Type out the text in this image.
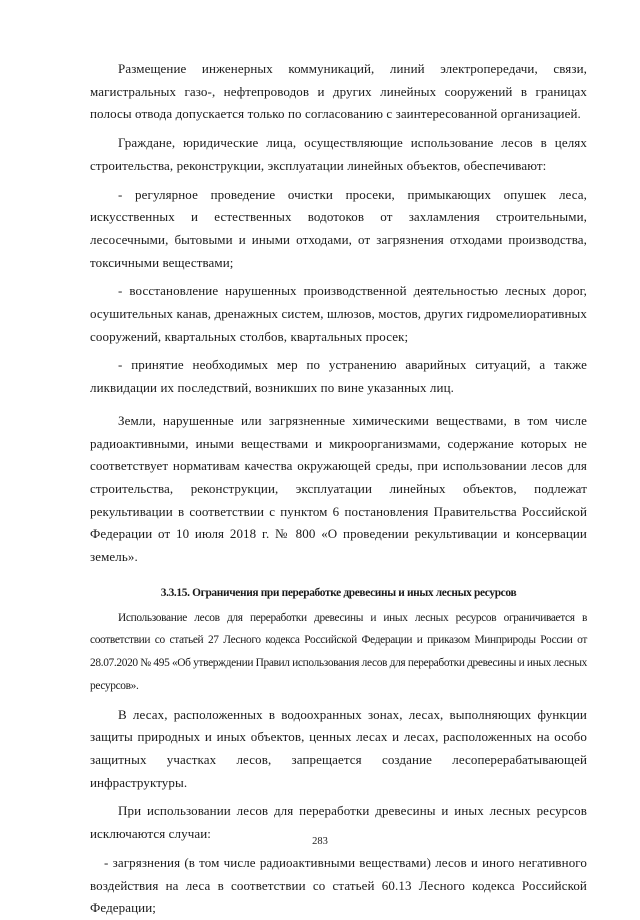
Размещение инженерных коммуникаций, линий электропередачи, связи, магистральных газо-, нефтепроводов и других линейных сооружений в границах полосы отвода допускается только по согласованию с заинтересованной организацией.

Граждане, юридические лица, осуществляющие использование лесов в целях строительства, реконструкции, эксплуатации линейных объектов, обеспечивают:

- регулярное проведение очистки просеки, примыкающих опушек леса, искусственных и естественных водотоков от захламления строительными, лесосечными, бытовыми и иными отходами, от загрязнения отходами производства, токсичными веществами;

- восстановление нарушенных производственной деятельностью лесных дорог, осушительных канав, дренажных систем, шлюзов, мостов, других гидромелиоративных сооружений, квартальных столбов, квартальных просек;

- принятие необходимых мер по устранению аварийных ситуаций, а также ликвидации их последствий, возникших по вине указанных лиц.

Земли, нарушенные или загрязненные химическими веществами, в том числе радиоактивными, иными веществами и микроорганизмами, содержание которых не соответствует нормативам качества окружающей среды, при использовании лесов для строительства, реконструкции, эксплуатации линейных объектов, подлежат рекультивации в соответствии с пунктом 6 постановления Правительства Российской Федерации от 10 июля 2018 г. № 800 «О проведении рекультивации и консервации земель».

3.3.15. Ограничения при переработке древесины и иных лесных ресурсов

Использование лесов для переработки древесины и иных лесных ресурсов ограничивается в соответствии со статьей 27 Лесного кодекса Российской Федерации и приказом Минприроды России от 28.07.2020 № 495 «Об утверждении Правил использования лесов для переработки древесины и иных лесных ресурсов».

В лесах, расположенных в водоохранных зонах, лесах, выполняющих функции защиты природных и иных объектов, ценных лесах и лесах, расположенных на особо защитных участках лесов, запрещается создание лесоперерабатывающей инфраструктуры.

При использовании лесов для переработки древесины и иных лесных ресурсов исключаются случаи:

- загрязнения (в том числе радиоактивными веществами) лесов и иного негативного воздействия на леса в соответствии со статьей 60.13 Лесного кодекса Российской Федерации;

283
